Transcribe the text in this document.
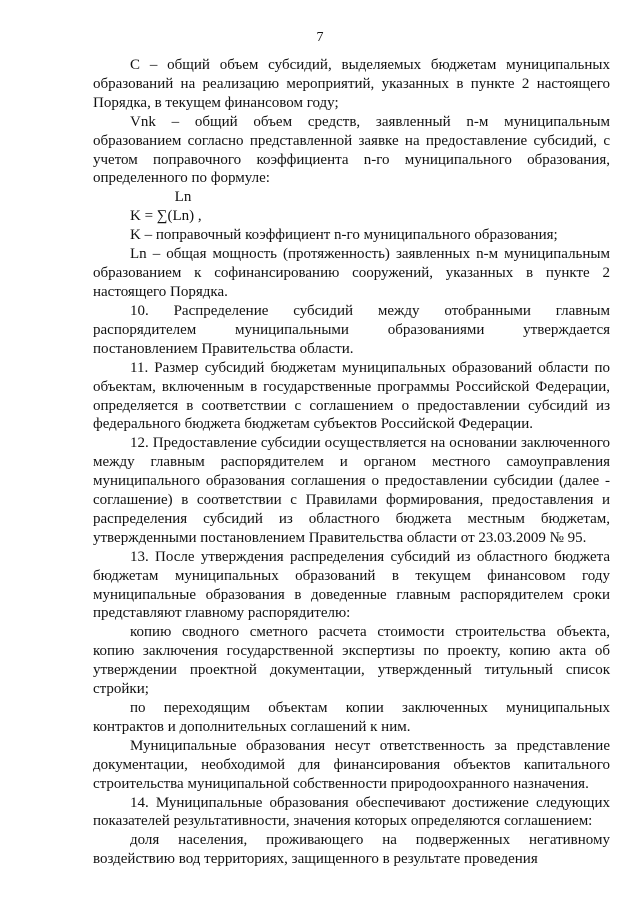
7

С – общий объем субсидий, выделяемых бюджетам муниципальных образований на реализацию мероприятий, указанных в пункте 2 настоящего Порядка, в текущем финансовом году;

Vnk – общий объем средств, заявленный n-м муниципальным образованием согласно представленной заявке на предоставление субсидий, с учетом поправочного коэффициента n-го муниципального образования, определенного по формуле:

Ln
K = ∑(Ln) ,

K – поправочный коэффициент n-го муниципального образования;

Ln – общая мощность (протяженность) заявленных n-м муниципальным образованием к софинансированию сооружений, указанных в пункте 2 настоящего Порядка.

10. Распределение субсидий между отобранными главным распорядителем муниципальными образованиями утверждается постановлением Правительства области.

11. Размер субсидий бюджетам муниципальных образований области по объектам, включенным в государственные программы Российской Федерации, определяется в соответствии с соглашением о предоставлении субсидий из федерального бюджета бюджетам субъектов Российской Федерации.

12. Предоставление субсидии осуществляется на основании заключенного между главным распорядителем и органом местного самоуправления муниципального образования соглашения о предоставлении субсидии (далее - соглашение) в соответствии с Правилами формирования, предоставления и распределения субсидий из областного бюджета местным бюджетам, утвержденными постановлением Правительства области от 23.03.2009 № 95.

13. После утверждения распределения субсидий из областного бюджета бюджетам муниципальных образований в текущем финансовом году муниципальные образования в доведенные главным распорядителем сроки представляют главному распорядителю:

копию сводного сметного расчета стоимости строительства объекта, копию заключения государственной экспертизы по проекту, копию акта об утверждении проектной документации, утвержденный титульный список стройки;

по переходящим объектам копии заключенных муниципальных контрактов и дополнительных соглашений к ним.

Муниципальные образования несут ответственность за представление документации, необходимой для финансирования объектов капитального строительства муниципальной собственности природоохранного назначения.

14. Муниципальные образования обеспечивают достижение следующих показателей результативности, значения которых определяются соглашением:

доля населения, проживающего на подверженных негативному воздействию вод территориях, защищенного в результате проведения
